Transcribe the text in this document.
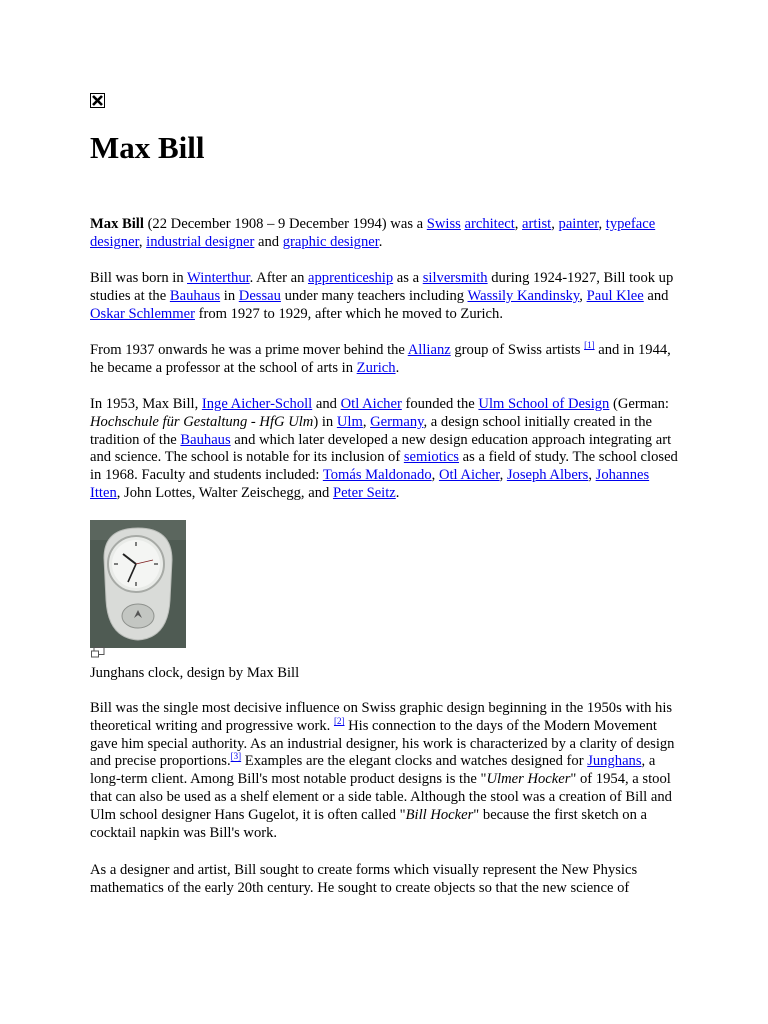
Max Bill

Max Bill (22 December 1908 – 9 December 1994) was a Swiss architect, artist, painter, typeface designer, industrial designer and graphic designer.

Bill was born in Winterthur. After an apprenticeship as a silversmith during 1924-1927, Bill took up studies at the Bauhaus in Dessau under many teachers including Wassily Kandinsky, Paul Klee and Oskar Schlemmer from 1927 to 1929, after which he moved to Zurich.

From 1937 onwards he was a prime mover behind the Allianz group of Swiss artists [1] and in 1944, he became a professor at the school of arts in Zurich.

In 1953, Max Bill, Inge Aicher-Scholl and Otl Aicher founded the Ulm School of Design (German: Hochschule für Gestaltung - HfG Ulm) in Ulm, Germany, a design school initially created in the tradition of the Bauhaus and which later developed a new design education approach integrating art and science. The school is notable for its inclusion of semiotics as a field of study. The school closed in 1968. Faculty and students included: Tomás Maldonado, Otl Aicher, Joseph Albers, Johannes Itten, John Lottes, Walter Zeischegg, and Peter Seitz.

Junghans clock, design by Max Bill

Bill was the single most decisive influence on Swiss graphic design beginning in the 1950s with his theoretical writing and progressive work. [2] His connection to the days of the Modern Movement gave him special authority. As an industrial designer, his work is characterized by a clarity of design and precise proportions.[3] Examples are the elegant clocks and watches designed for Junghans, a long-term client. Among Bill's most notable product designs is the "Ulmer Hocker" of 1954, a stool that can also be used as a shelf element or a side table. Although the stool was a creation of Bill and Ulm school designer Hans Gugelot, it is often called "Bill Hocker" because the first sketch on a cocktail napkin was Bill's work.

As a designer and artist, Bill sought to create forms which visually represent the New Physics mathematics of the early 20th century. He sought to create objects so that the new science of
